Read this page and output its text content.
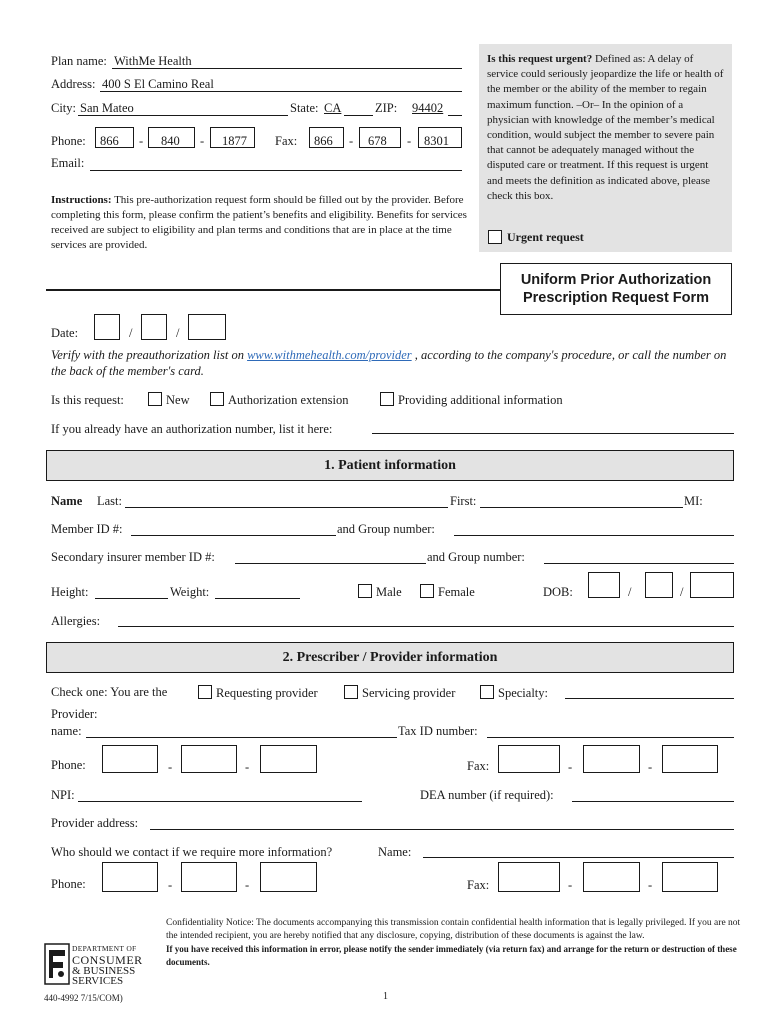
Plan name: WithMe Health
Address: 400 S El Camino Real
City: San Mateo	State: CA	ZIP: 94402
Phone: 866 - 840 - 1877 Fax: 866 - 678 - 8301
Email:
Instructions: This pre-authorization request form should be filled out by the provider. Before completing this form, please confirm the patient’s benefits and eligibility. Benefits for services received are subject to eligibility and plan terms and conditions that are in place at the time services are provided.
Is this request urgent? Defined as: A delay of service could seriously jeopardize the life or health of the member or the ability of the member to regain maximum function. –Or– In the opinion of a physician with knowledge of the member’s medical condition, would subject the member to severe pain that cannot be adequately managed without the disputed care or treatment. If this request is urgent and meets the definition as indicated above, please check this box.
Urgent request
Uniform Prior Authorization
Prescription Request Form
Date:	/	/
Verify with the preauthorization list on www.withmehealth.com/provider , according to the company's procedure, or call the number on the back of the member's card.
Is this request:	New	Authorization extension	Providing additional information
If you already have an authorization number, list it here:
1. Patient information
Name Last:	First:	MI:
Member ID #:	and Group number:
Secondary insurer member ID #:	and Group number:
Height:	Weight:	Male	Female	DOB:	/	/
Allergies:
2. Prescriber / Provider information
Check one: You are the	Requesting provider	Servicing provider	Specialty:
Provider:
name:	Tax ID number:
Phone:	-	-	Fax:	-	-
NPI:	DEA number (if required):
Provider address:
Who should we contact if we require more information?	Name:
Phone:	-	-	Fax:	-	-
Confidentiality Notice: The documents accompanying this transmission contain confidential health information that is legally privileged. If you are not the intended recipient, you are hereby notified that any disclosure, copying, distribution of these documents is against the law.
If you have received this information in error, please notify the sender immediately (via return fax) and arrange for the return or destruction of these documents.
DEPARTMENT OF
CONSUMER
& BUSINESS
SERVICES
440-4992 7/15/COM)	1
